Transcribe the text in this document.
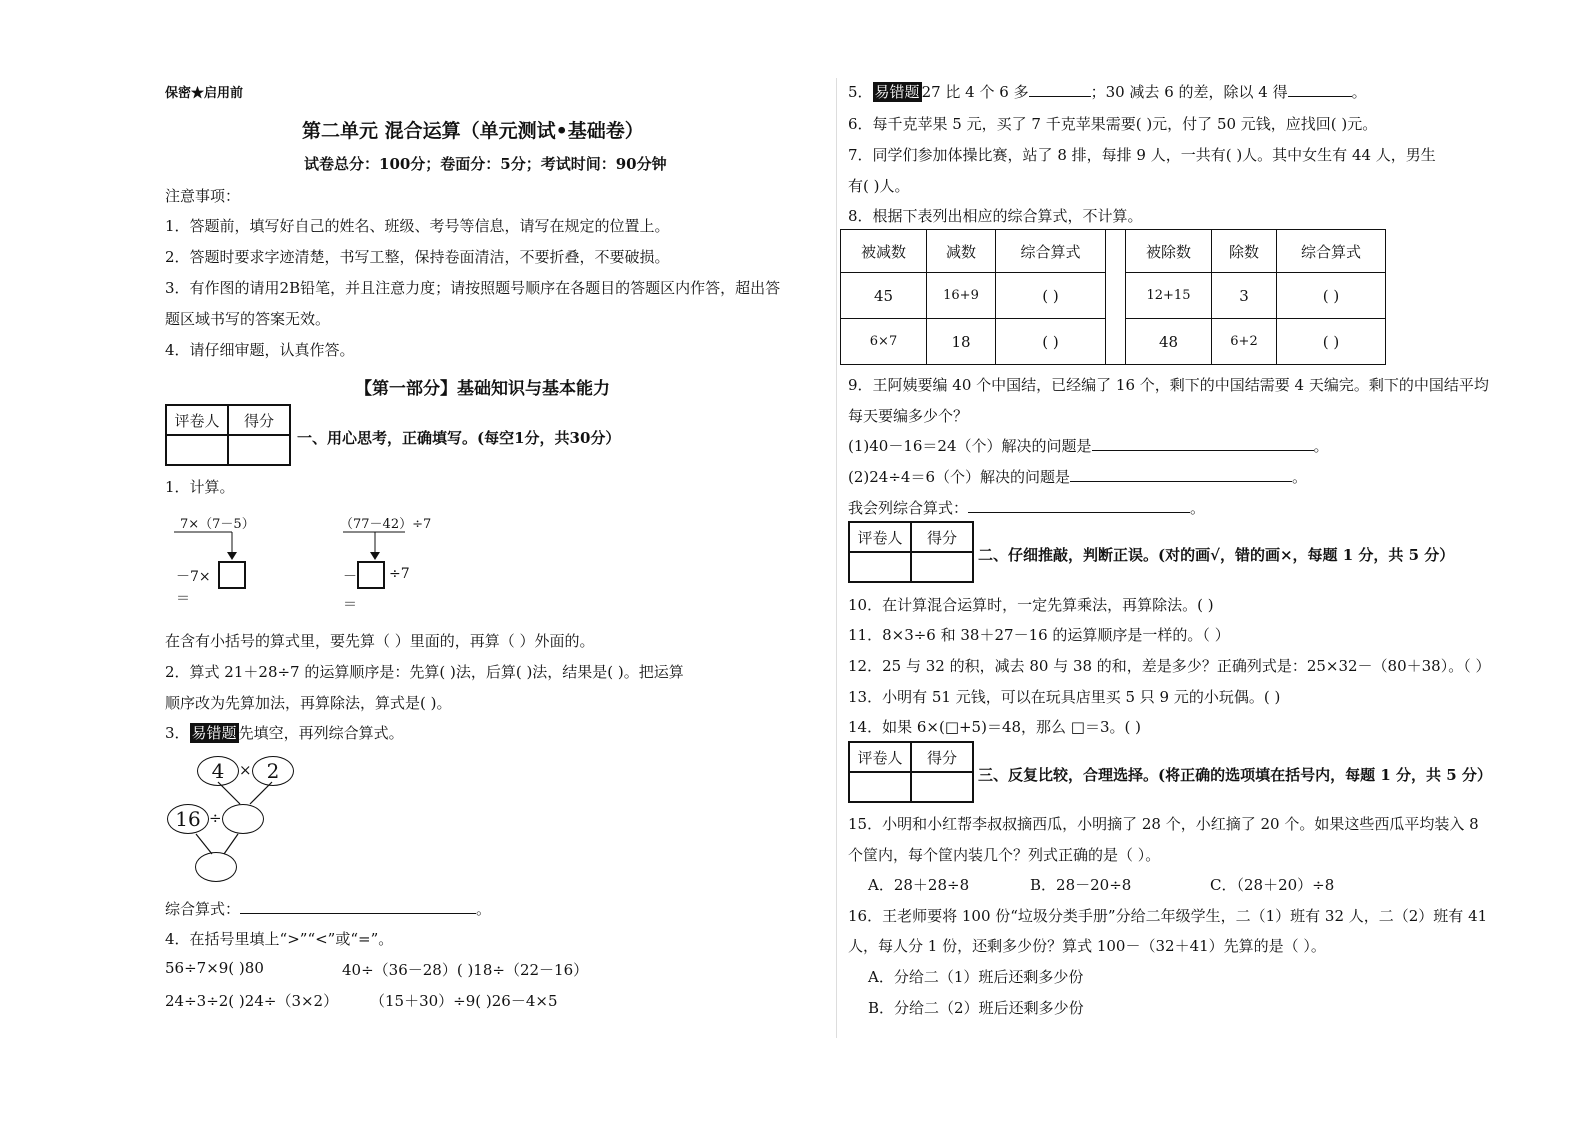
保密★启用前
第二单元 混合运算（单元测试•基础卷）
试卷总分：100分；卷面分：5分；考试时间：90分钟
注意事项：
1．答题前，填写好自己的姓名、班级、考号等信息，请写在规定的位置上。
2．答题时要求字迹清楚，书写工整，保持卷面清洁，不要折叠，不要破损。
3．有作图的请用2B铅笔，并且注意力度；请按照题号顺序在各题目的答题区内作答，超出答
题区域书写的答案无效。
4．请仔细审题，认真作答。
【第一部分】基础知识与基本能力
评卷人	得分

一、用心思考，正确填写。(每空1分，共30分）
1．计算。
7×（7－5）
－7×
＝
（77－42）÷7
－ ÷7
＝
在含有小括号的算式里，要先算（ ）里面的，再算（ ）外面的。
2．算式 21＋28÷7 的运算顺序是：先算( )法，后算( )法，结果是( )。把运算
顺序改为先算加法，再算除法，算式是( )。
3． 易错题 先填空，再列综合算式。
4 × 2
16 ÷
综合算式：	。
4．在括号里填上“>”“<”或“=”。
56÷7×9( )80	40÷（36－28）( )18÷（22－16）
24÷3÷2( )24÷（3×2） （15＋30）÷9( )26－4×5
5． 易错题 27 比 4 个 6 多	；30 减去 6 的差，除以 4 得	。
6．每千克苹果 5 元，买了 7 千克苹果需要( )元，付了 50 元钱，应找回( )元。
7．同学们参加体操比赛，站了 8 排，每排 9 人，一共有( )人。其中女生有 44 人，男生
有( )人。
8．根据下表列出相应的综合算式，不计算。
被减数	减数	综合算式		被除数	除数	综合算式
45	16+9	( )		12+15	3	( )
6×7	18	( )		48	6+2	( )
9．王阿姨要编 40 个中国结，已经编了 16 个，剩下的中国结需要 4 天编完。剩下的中国结平均
每天要编多少个？
(1)40－16＝24（个）解决的问题是	。
(2)24÷4＝6（个）解决的问题是	。
我会列综合算式：	。
评卷人	得分

二、仔细推敲，判断正误。(对的画√，错的画×，每题 1 分，共 5 分）
10．在计算混合运算时，一定先算乘法，再算除法。( )
11．8×3÷6 和 38＋27－16 的运算顺序是一样的。（ ）
12．25 与 32 的积，减去 80 与 38 的和，差是多少？正确列式是：25×32－（80＋38）。（ ）
13．小明有 51 元钱，可以在玩具店里买 5 只 9 元的小玩偶。( )
14．如果 6×(□+5)＝48，那么 □＝3。( )
评卷人	得分

三、反复比较，合理选择。(将正确的选项填在括号内，每题 1 分，共 5 分）
15．小明和小红帮李叔叔摘西瓜，小明摘了 28 个，小红摘了 20 个。如果这些西瓜平均装入 8
个筐内，每个筐内装几个？列式正确的是（ ）。
A．28＋28÷8	B．28－20÷8	C．（28＋20）÷8
16．王老师要将 100 份“垃圾分类手册”分给二年级学生，二（1）班有 32 人，二（2）班有 41
人，每人分 1 份，还剩多少份？算式 100－（32＋41）先算的是（ ）。
A．分给二（1）班后还剩多少份
B．分给二（2）班后还剩多少份
